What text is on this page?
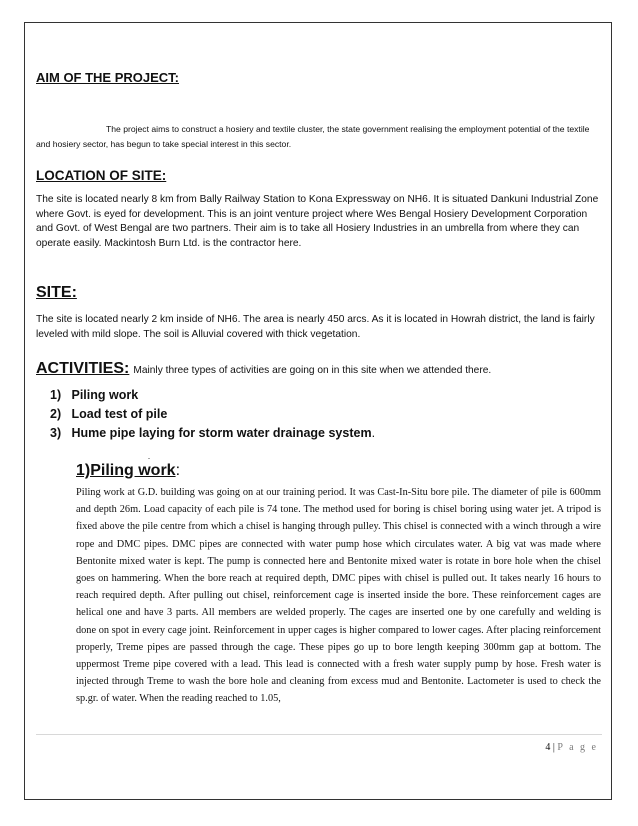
AIM OF THE PROJECT:
The project aims to construct a hosiery and textile cluster, the state government realising the employment potential of the textile and hosiery sector, has begun to take special interest in this sector.
LOCATION OF SITE:
The site is located nearly 8 km from Bally Railway Station to Kona Expressway on NH6. It is situated Dankuni Industrial Zone where Govt. is eyed for development. This is an joint venture project where Wes Bengal Hosiery Development Corporation and Govt. of West Bengal are two partners. Their aim is to take all Hosiery Industries in an umbrella from where they can operate easily. Mackintosh Burn Ltd. is the contractor here.
SITE:
The site is located nearly 2 km inside of NH6. The area is nearly 450 arcs. As it is located in Howrah district, the land is fairly leveled with mild slope. The soil is Alluvial covered with thick vegetation.
ACTIVITIES: Mainly three types of activities are going on in this site when we attended there.
1) Piling work
2) Load test of pile
3) Hume pipe laying for storm water drainage system.
.
1)Piling work:
Piling work at G.D. building was going on at our training period. It was Cast-In-Situ bore pile. The diameter of pile is 600mm and depth 26m. Load capacity of each pile is 74 tone. The method used for boring is chisel boring using water jet. A tripod is fixed above the pile centre from which a chisel is hanging through pulley. This chisel is connected with a winch through a wire rope and DMC pipes. DMC pipes are connected with water pump hose which circulates water. A big vat was made where Bentonite mixed water is kept. The pump is connected here and Bentonite mixed water is rotate in bore hole when the chisel goes on hammering. When the bore reach at required depth, DMC pipes with chisel is pulled out. It takes nearly 16 hours to reach required depth. After pulling out chisel, reinforcement cage is inserted inside the bore. These reinforcement cages are helical one and have 3 parts. All members are welded properly. The cages are inserted one by one carefully and welding is done on spot in every cage joint. Reinforcement in upper cages is higher compared to lower cages. After placing reinforcement properly, Treme pipes are passed through the cage. These pipes go up to bore length keeping 300mm gap at bottom. The uppermost Treme pipe covered with a lead. This lead is connected with a fresh water supply pump by hose. Fresh water is injected through Treme to wash the bore hole and cleaning from excess mud and Bentonite. Lactometer is used to check the sp.gr. of water. When the reading reached to 1.05,
4 | P a g e
